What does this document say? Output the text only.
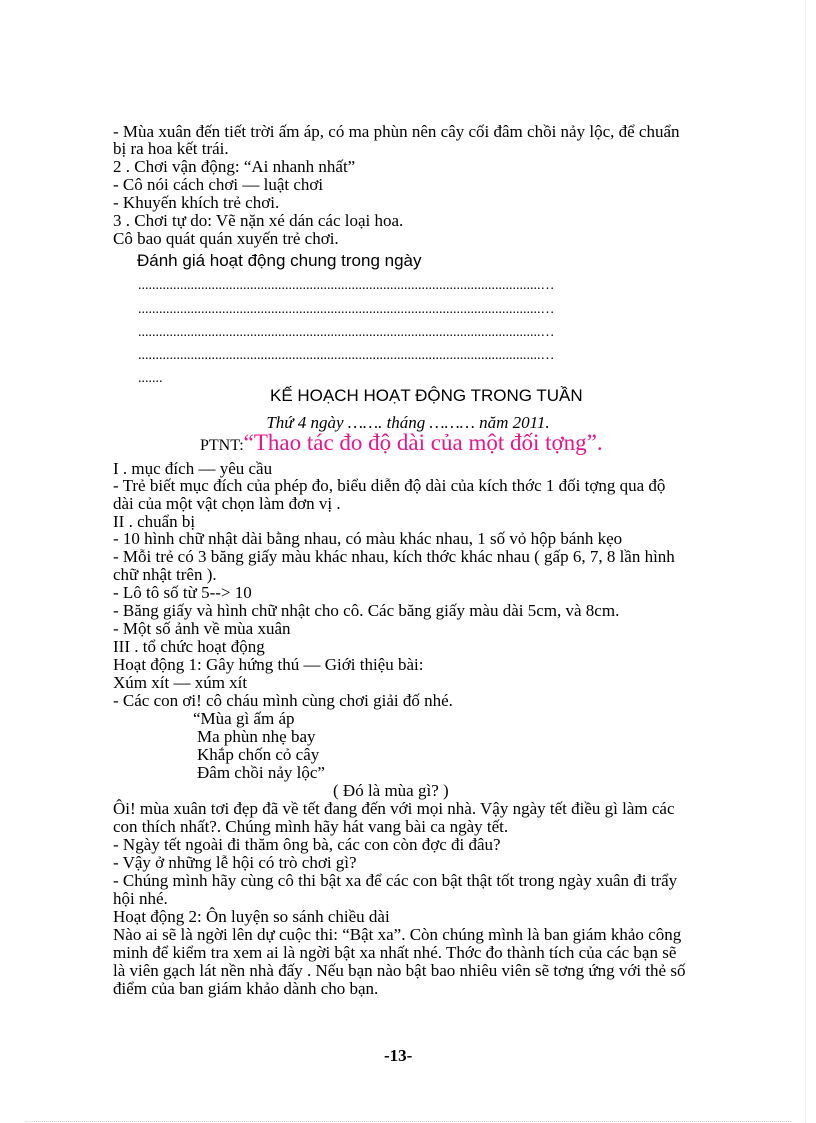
- Mùa xuân đến tiết trời ấm áp, có ma phùn nên cây cối đâm chồi nảy lộc, để chuẩn
bị ra hoa kết trái.
2 . Chơi vận động: “Ai nhanh nhất”
- Cô nói cách chơi — luật chơi
- Khuyến khích trẻ chơi.
3 . Chơi tự do: Vẽ nặn xé dán các loại hoa.
Cô bao quát quán xuyến trẻ chơi.
Đánh giá hoạt động chung trong ngày
...................................................................................................................…
...................................................................................................................…
...................................................................................................................…
...................................................................................................................…
.......
KẾ HOẠCH HOẠT ĐỘNG TRONG TUẦN
Thứ 4 ngày ……. tháng ……… năm 2011.
PTNT:“Thao tác đo độ dài của một đối tợng”.
I . mục đích — yêu cầu
- Trẻ biết mục đích của phép đo, biểu diễn độ dài của kích thớc 1 đối tợng qua độ
dài của một vật chọn làm đơn vị .
II . chuẩn bị
- 10 hình chữ nhật dài bằng nhau, có màu khác nhau, 1 số vỏ hộp bánh kẹo
- Mỗi trẻ có 3 băng giấy màu khác nhau, kích thớc khác nhau ( gấp 6, 7, 8 lần hình
chữ nhật trên ).
- Lô tô số từ 5--> 10
- Băng giấy và hình chữ nhật cho cô. Các băng giấy màu dài 5cm, và 8cm.
- Một số ảnh về mùa xuân
III . tổ chức hoạt động
Hoạt động 1: Gây hứng thú — Giới thiệu bài:
Xúm xít — xúm xít
- Các con ơi! cô cháu mình cùng chơi giải đố nhé.
“Mùa gì ấm áp
Ma phùn nhẹ bay
Khắp chốn cỏ cây
Đâm chồi nảy lộc”
( Đó là mùa gì? )
Ôi! mùa xuân tơi đẹp đã về tết đang đến với mọi nhà. Vậy ngày tết điều gì làm các
con thích nhất?. Chúng mình hãy hát vang bài ca ngày tết.
- Ngày tết ngoài đi thăm ông bà, các con còn đợc đi đâu?
- Vậy ở những lễ hội có trò chơi gì?
- Chúng mình hãy cùng cô thi bật xa để các con bật thật tốt trong ngày xuân đi trẩy
hội nhé.
Hoạt động 2: Ôn luyện so sánh chiều dài
Nào ai sẽ là ngời lên dự cuộc thi: “Bật xa”. Còn chúng mình là ban giám khảo công
minh để kiểm tra xem ai là ngời bật xa nhất nhé. Thớc đo thành tích của các bạn sẽ
là viên gạch lát nền nhà đấy . Nếu bạn nào bật bao nhiêu viên sẽ tơng ứng với thẻ số
điểm của ban giám khảo dành cho bạn.
-13-
